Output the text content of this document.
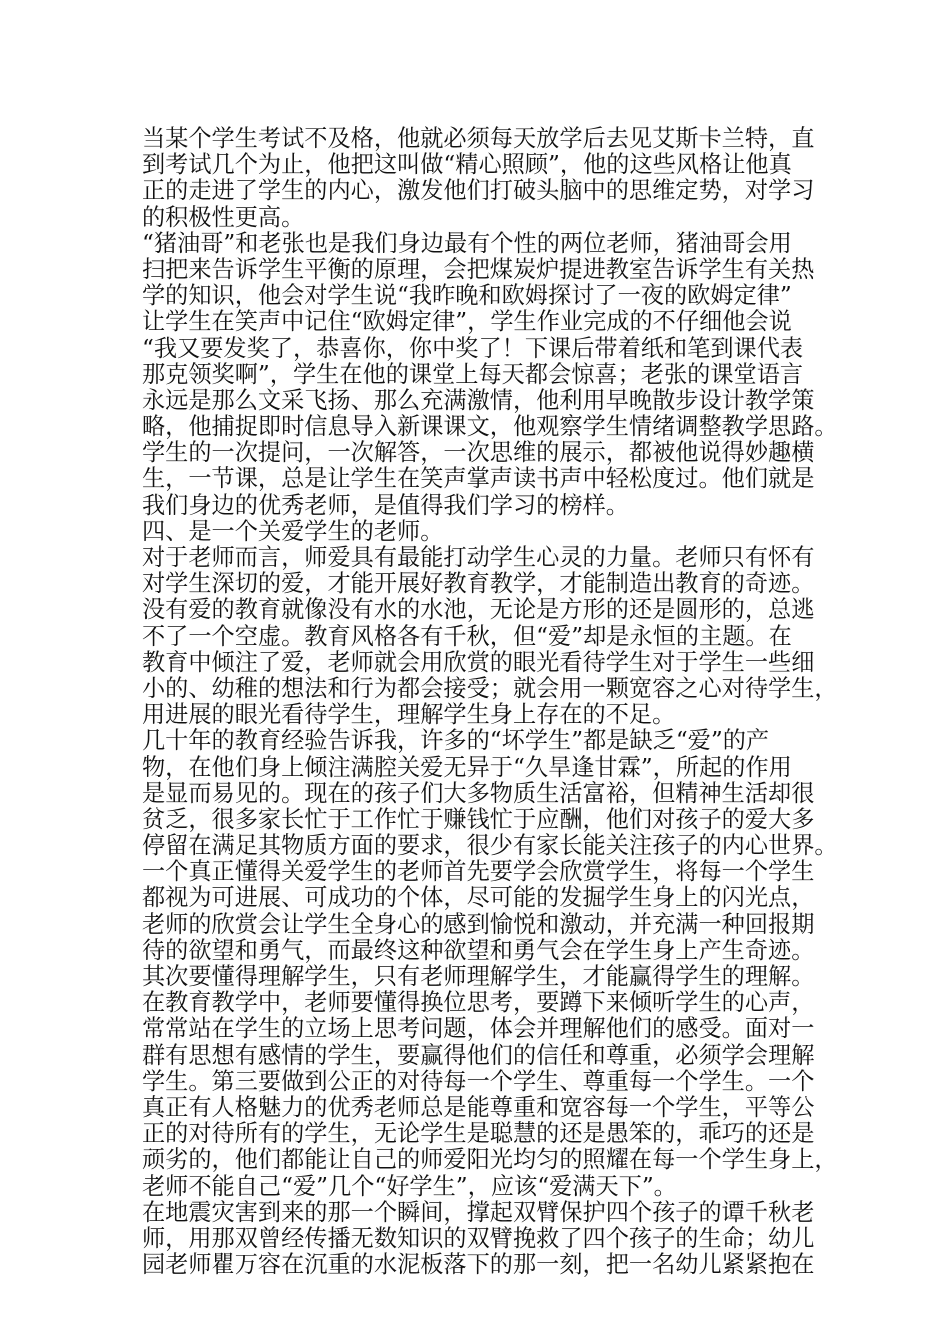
当某个学生考试不及格，他就必须每天放学后去见艾斯卡兰特，直
到考试几个为止，他把这叫做“精心照顾”，他的这些风格让他真
正的走进了学生的内心，激发他们打破头脑中的思维定势，对学习
的积极性更高。
“猪油哥”和老张也是我们身边最有个性的两位老师，猪油哥会用
扫把来告诉学生平衡的原理，会把煤炭炉提进教室告诉学生有关热
学的知识，他会对学生说“我昨晚和欧姆探讨了一夜的欧姆定律”
让学生在笑声中记住“欧姆定律”，学生作业完成的不仔细他会说
“我又要发奖了，恭喜你，你中奖了！下课后带着纸和笔到课代表
那克领奖啊”，学生在他的课堂上每天都会惊喜；老张的课堂语言
永远是那么文采飞扬、那么充满激情，他利用早晚散步设计教学策
略，他捕捉即时信息导入新课课文，他观察学生情绪调整教学思路。
学生的一次提问，一次解答，一次思维的展示，都被他说得妙趣横
生，一节课，总是让学生在笑声掌声读书声中轻松度过。他们就是
我们身边的优秀老师，是值得我们学习的榜样。
四、是一个关爱学生的老师。
对于老师而言，师爱具有最能打动学生心灵的力量。老师只有怀有
对学生深切的爱，才能开展好教育教学，才能制造出教育的奇迹。
没有爱的教育就像没有水的水池，无论是方形的还是圆形的，总逃
不了一个空虚。教育风格各有千秋，但“爱”却是永恒的主题。在
教育中倾注了爱，老师就会用欣赏的眼光看待学生对于学生一些细
小的、幼稚的想法和行为都会接受；就会用一颗宽容之心对待学生，
用进展的眼光看待学生，理解学生身上存在的不足。
几十年的教育经验告诉我，许多的“坏学生”都是缺乏“爱”的产
物，在他们身上倾注满腔关爱无异于“久旱逢甘霖”，所起的作用
是显而易见的。现在的孩子们大多物质生活富裕，但精神生活却很
贫乏，很多家长忙于工作忙于赚钱忙于应酬，他们对孩子的爱大多
停留在满足其物质方面的要求，很少有家长能关注孩子的内心世界。
一个真正懂得关爱学生的老师首先要学会欣赏学生，将每一个学生
都视为可进展、可成功的个体，尽可能的发掘学生身上的闪光点，
老师的欣赏会让学生全身心的感到愉悦和激动，并充满一种回报期
待的欲望和勇气，而最终这种欲望和勇气会在学生身上产生奇迹。
其次要懂得理解学生，只有老师理解学生，才能赢得学生的理解。
在教育教学中，老师要懂得换位思考，要蹲下来倾听学生的心声，
常常站在学生的立场上思考问题，体会并理解他们的感受。面对一
群有思想有感情的学生，要赢得他们的信任和尊重，必须学会理解
学生。第三要做到公正的对待每一个学生、尊重每一个学生。一个
真正有人格魅力的优秀老师总是能尊重和宽容每一个学生，平等公
正的对待所有的学生，无论学生是聪慧的还是愚笨的，乖巧的还是
顽劣的，他们都能让自己的师爱阳光均匀的照耀在每一个学生身上，
老师不能自己“爱”几个“好学生”，应该“爱满天下”。
在地震灾害到来的那一个瞬间，撑起双臂保护四个孩子的谭千秋老
师，用那双曾经传播无数知识的双臂挽救了四个孩子的生命；幼儿
园老师瞿万容在沉重的水泥板落下的那一刻，把一名幼儿紧紧抱在
